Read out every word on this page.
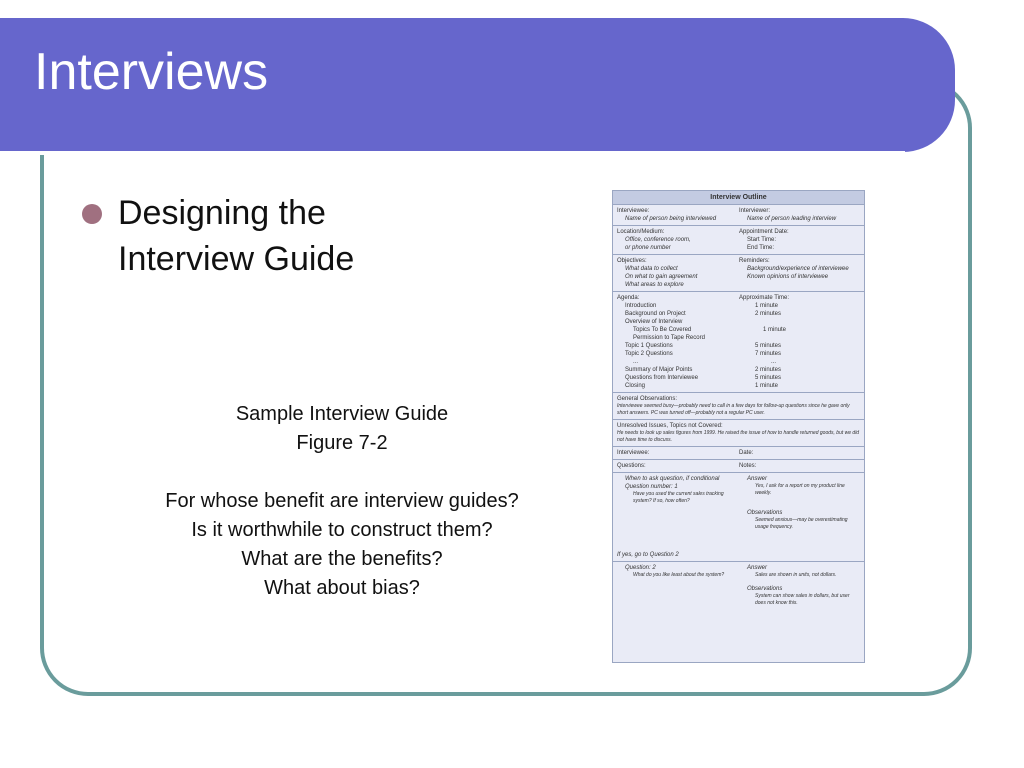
Interviews
Designing the Interview Guide
Sample Interview Guide
Figure 7-2
For whose benefit are interview guides?
Is it worthwhile to construct them?
What are the benefits?
What about bias?
Interview Outline
Interviewee:
Name of person being interviewed
Interviewer:
Name of person leading interview
Location/Medium:
Office, conference room,
or phone number
Appointment Date:
Start Time:
End Time:
Objectives:
What data to collect
On what to gain agreement
What areas to explore
Reminders:
Background/experience of interviewee
Known opinions of interviewee
Agenda:	Approximate Time:
Introduction	1 minute
Background on Project	2 minutes
Overview of Interview
Topics To Be Covered	1 minute
Permission to Tape Record
Topic 1 Questions	5 minutes
Topic 2 Questions	7 minutes
...	...
Summary of Major Points	2 minutes
Questions from Interviewee	5 minutes
Closing	1 minute
General Observations:
Interviewee seemed busy—probably need to call in a few days for follow-up questions since he gave only short answers. PC was turned off—probably not a regular PC user.
Unresolved Issues, Topics not Covered:
He needs to look up sales figures from 1999. He raised the issue of how to handle returned goods, but we did not have time to discuss.
Interviewee:	Date:
Questions:	Notes:
When to ask question, if conditional
Question number: 1
Have you used the current sales tracking system? If so, how often?
Answer
Yes, I ask for a report on my product line weekly.
Observations
Seemed anxious—may be overestimating usage frequency.
If yes, go to Question 2
Question: 2
What do you like least about the system?
Answer
Sales are shown in units, not dollars.
Observations
System can show sales in dollars, but user does not know this.
